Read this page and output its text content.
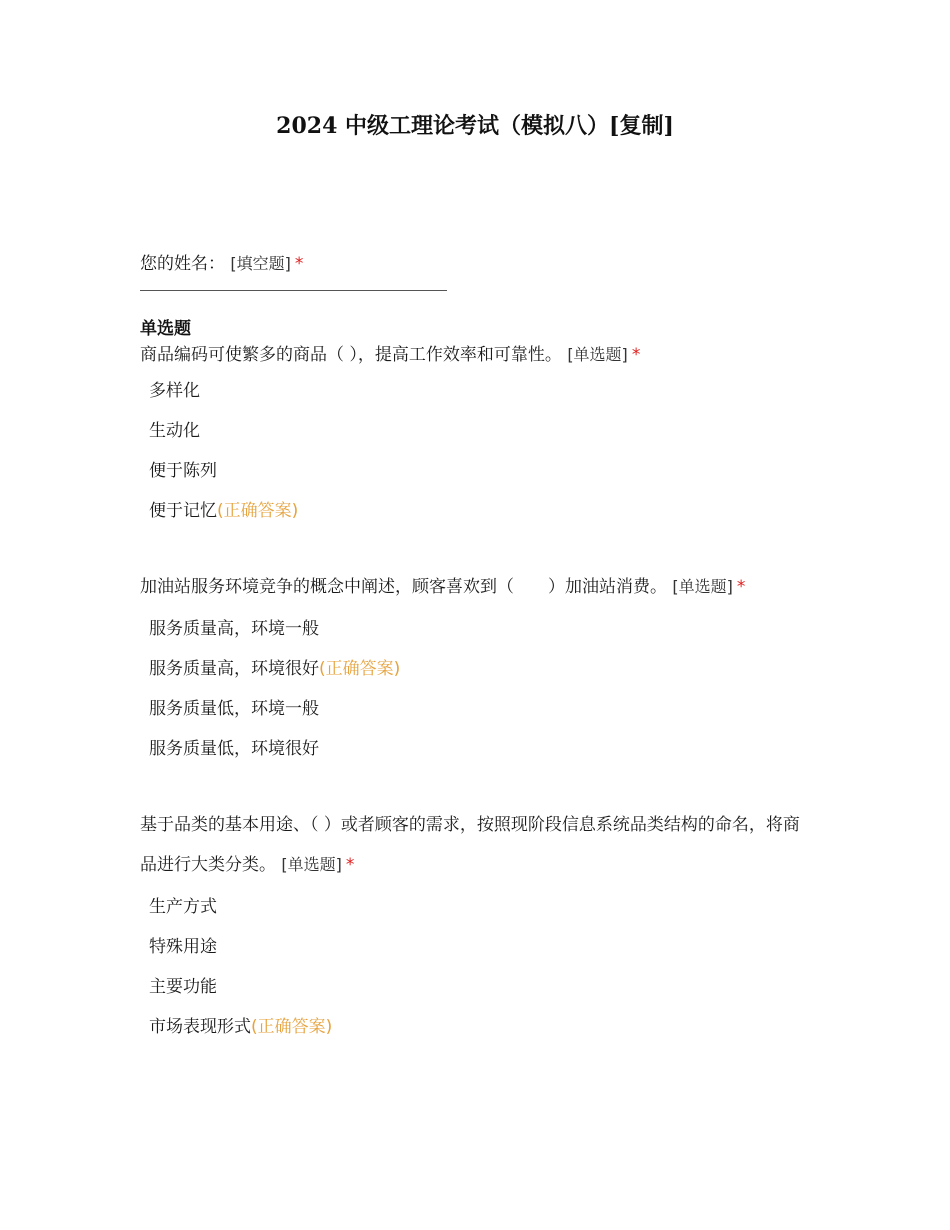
2024 中级工理论考试（模拟八）[复制]
您的姓名： [填空题] *
单选题
商品编码可使繁多的商品（ ），提高工作效率和可靠性。 [单选题] *
多样化
生动化
便于陈列
便于记忆(正确答案)
加油站服务环境竞争的概念中阐述，顾客喜欢到（　　）加油站消费。 [单选题] *
服务质量高，环境一般
服务质量高，环境很好(正确答案)
服务质量低，环境一般
服务质量低，环境很好
基于品类的基本用途、（ ）或者顾客的需求，按照现阶段信息系统品类结构的命名，将商品进行大类分类。 [单选题] *
生产方式
特殊用途
主要功能
市场表现形式(正确答案)
